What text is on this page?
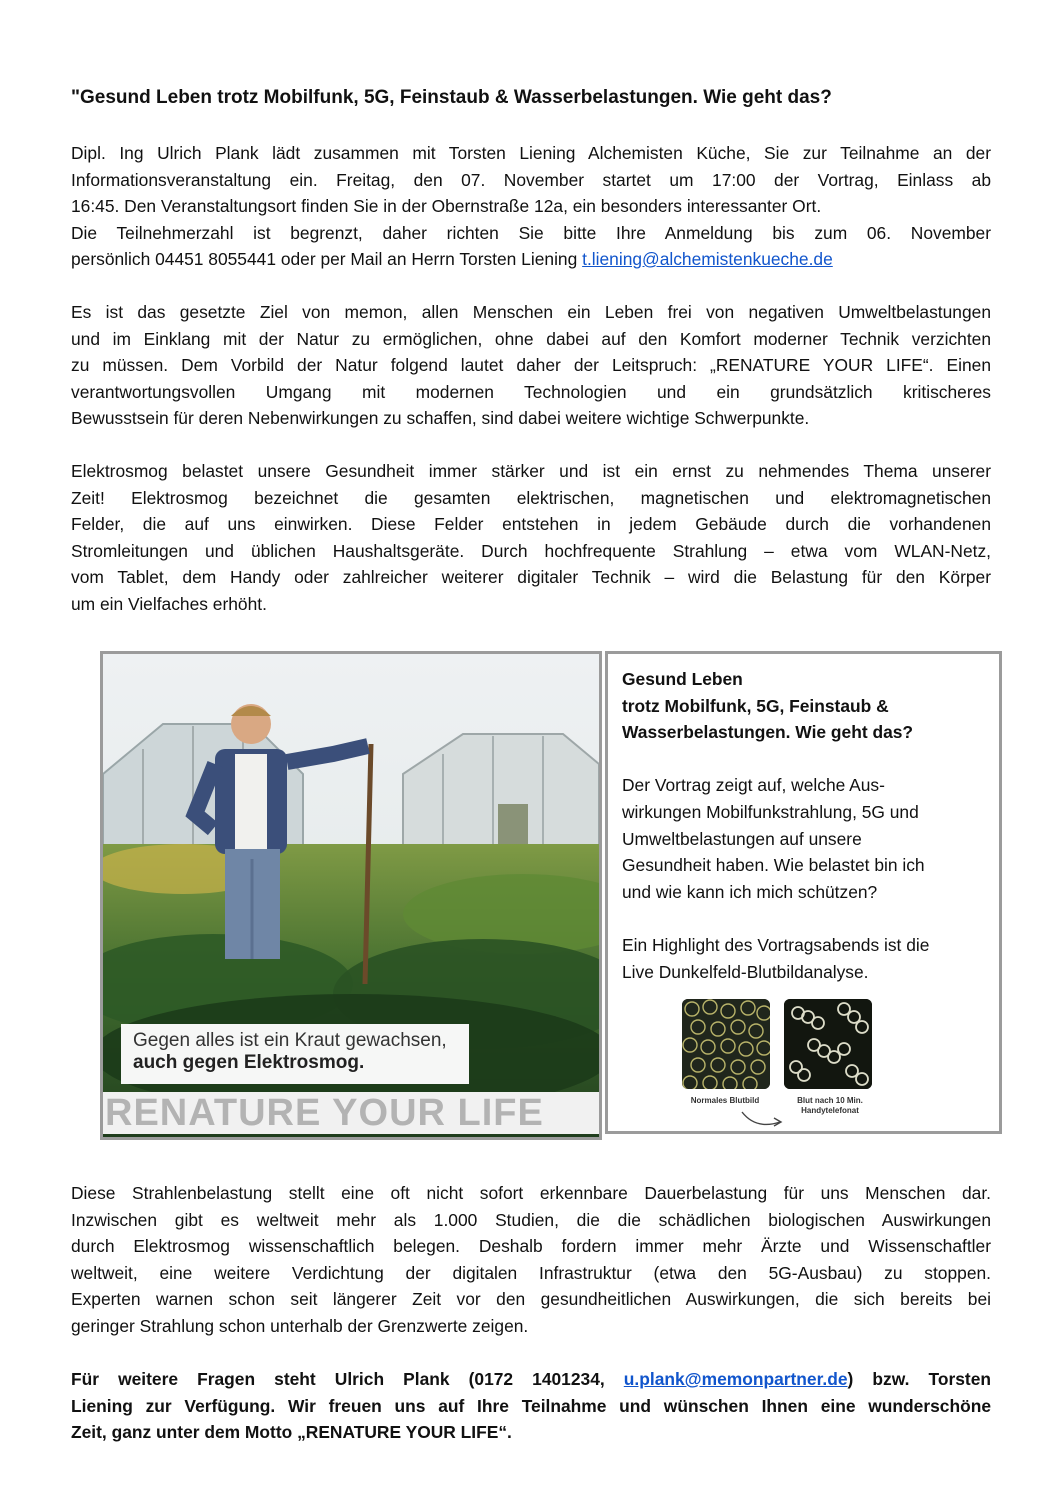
"Gesund Leben trotz Mobilfunk, 5G, Feinstaub & Wasserbelastungen. Wie geht das?
Dipl. Ing Ulrich Plank lädt zusammen mit Torsten Liening Alchemisten Küche, Sie zur Teilnahme an der
Informationsveranstaltung ein. Freitag, den 07. November startet um 17:00 der Vortrag, Einlass ab
16:45. Den Veranstaltungsort finden Sie in der Obernstraße 12a, ein besonders interessanter Ort.
Die Teilnehmerzahl ist begrenzt, daher richten Sie bitte Ihre Anmeldung bis zum 06. November
persönlich 04451 8055441 oder per Mail an Herrn Torsten Liening t.liening@alchemistenkueche.de
Es ist das gesetzte Ziel von memon, allen Menschen ein Leben frei von negativen Umweltbelastungen
und im Einklang mit der Natur zu ermöglichen, ohne dabei auf den Komfort moderner Technik verzichten
zu müssen. Dem Vorbild der Natur folgend lautet daher der Leitspruch: „RENATURE YOUR LIFE“. Einen
verantwortungsvollen Umgang mit modernen Technologien und ein grundsätzlich kritischeres
Bewusstsein für deren Nebenwirkungen zu schaffen, sind dabei weitere wichtige Schwerpunkte.
Elektrosmog belastet unsere Gesundheit immer stärker und ist ein ernst zu nehmendes Thema unserer
Zeit! Elektrosmog bezeichnet die gesamten elektrischen, magnetischen und elektromagnetischen
Felder, die auf uns einwirken. Diese Felder entstehen in jedem Gebäude durch die vorhandenen
Stromleitungen und üblichen Haushaltsgeräte. Durch hochfrequente Strahlung – etwa vom WLAN-Netz,
vom Tablet, dem Handy oder zahlreicher weiterer digitaler Technik – wird die Belastung für den Körper
um ein Vielfaches erhöht.
Gegen alles ist ein Kraut gewachsen,
auch gegen Elektrosmog.
RENATURE YOUR LIFE
Gesund Leben
trotz Mobilfunk, 5G, Feinstaub &
Wasserbelastungen. Wie geht das?
Der Vortrag zeigt auf, welche Aus-
wirkungen Mobilfunkstrahlung, 5G und
Umweltbelastungen auf unsere
Gesundheit haben. Wie belastet bin ich
und wie kann ich mich schützen?
Ein Highlight des Vortragsabends ist die
Live Dunkelfeld-Blutbildanalyse.
Normales Blutbild	Blut nach 10 Min.
Handytelefonat
Diese Strahlenbelastung stellt eine oft nicht sofort erkennbare Dauerbelastung für uns Menschen dar.
Inzwischen gibt es weltweit mehr als 1.000 Studien, die die schädlichen biologischen Auswirkungen
durch Elektrosmog wissenschaftlich belegen. Deshalb fordern immer mehr Ärzte und Wissenschaftler
weltweit, eine weitere Verdichtung der digitalen Infrastruktur (etwa den 5G-Ausbau) zu stoppen.
Experten warnen schon seit längerer Zeit vor den gesundheitlichen Auswirkungen, die sich bereits bei
geringer Strahlung schon unterhalb der Grenzwerte zeigen.
Für weitere Fragen steht Ulrich Plank (0172 1401234, u.plank@memonpartner.de) bzw. Torsten
Liening zur Verfügung. Wir freuen uns auf Ihre Teilnahme und wünschen Ihnen eine wunderschöne
Zeit, ganz unter dem Motto „RENATURE YOUR LIFE“.
